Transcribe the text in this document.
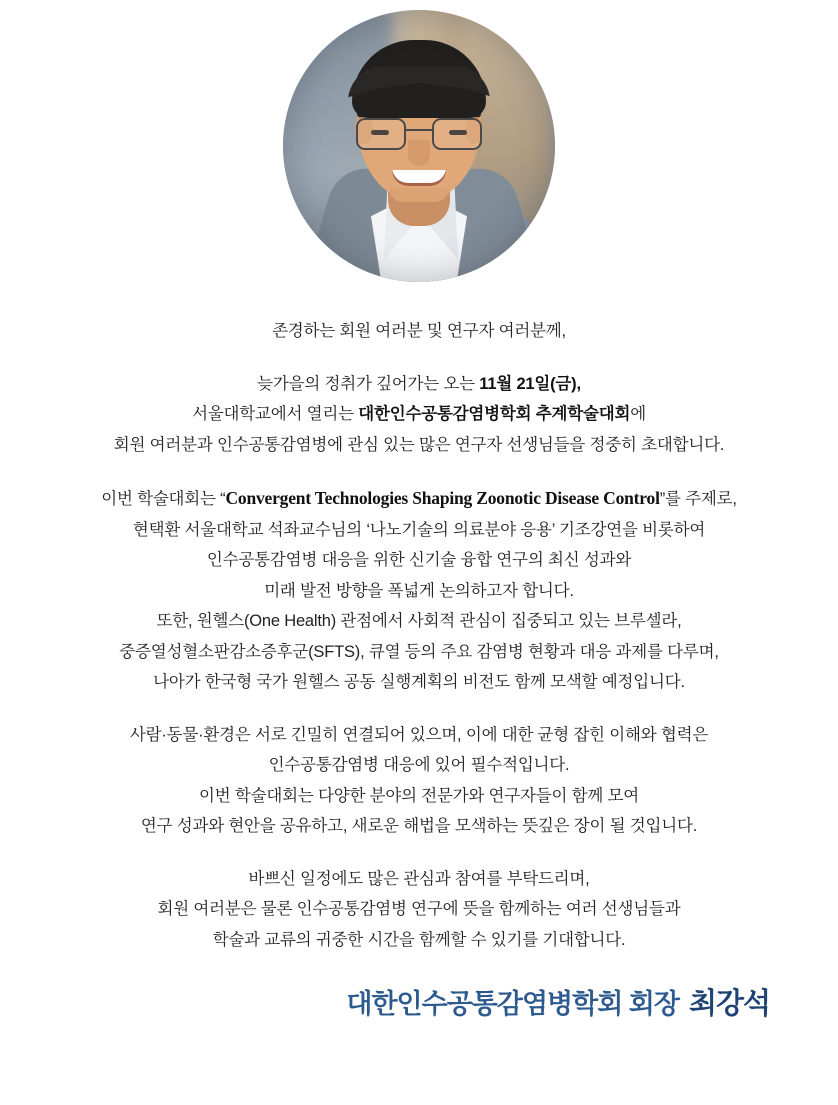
존경하는 회원 여러분 및 연구자 여러분께,

늦가을의 정취가 깊어가는 오는 11월 21일(금),
서울대학교에서 열리는 대한인수공통감염병학회 추계학술대회에
회원 여러분과 인수공통감염병에 관심 있는 많은 연구자 선생님들을 정중히 초대합니다.

이번 학술대회는 “Convergent Technologies Shaping Zoonotic Disease Control”를 주제로,
현택환 서울대학교 석좌교수님의 ‘나노기술의 의료분야 응용’ 기조강연을 비롯하여
인수공통감염병 대응을 위한 신기술 융합 연구의 최신 성과와
미래 발전 방향을 폭넓게 논의하고자 합니다.
또한, 원헬스(One Health) 관점에서 사회적 관심이 집중되고 있는 브루셀라,
중증열성혈소판감소증후군(SFTS), 큐열 등의 주요 감염병 현황과 대응 과제를 다루며,
나아가 한국형 국가 원헬스 공동 실행계획의 비전도 함께 모색할 예정입니다.

사람·동물·환경은 서로 긴밀히 연결되어 있으며, 이에 대한 균형 잡힌 이해와 협력은
인수공통감염병 대응에 있어 필수적입니다.
이번 학술대회는 다양한 분야의 전문가와 연구자들이 함께 모여
연구 성과와 현안을 공유하고, 새로운 해법을 모색하는 뜻깊은 장이 될 것입니다.

바쁘신 일정에도 많은 관심과 참여를 부탁드리며,
회원 여러분은 물론 인수공통감염병 연구에 뜻을 함께하는 여러 선생님들과
학술과 교류의 귀중한 시간을 함께할 수 있기를 기대합니다.

대한인수공통감염병학회 회장 최강석
